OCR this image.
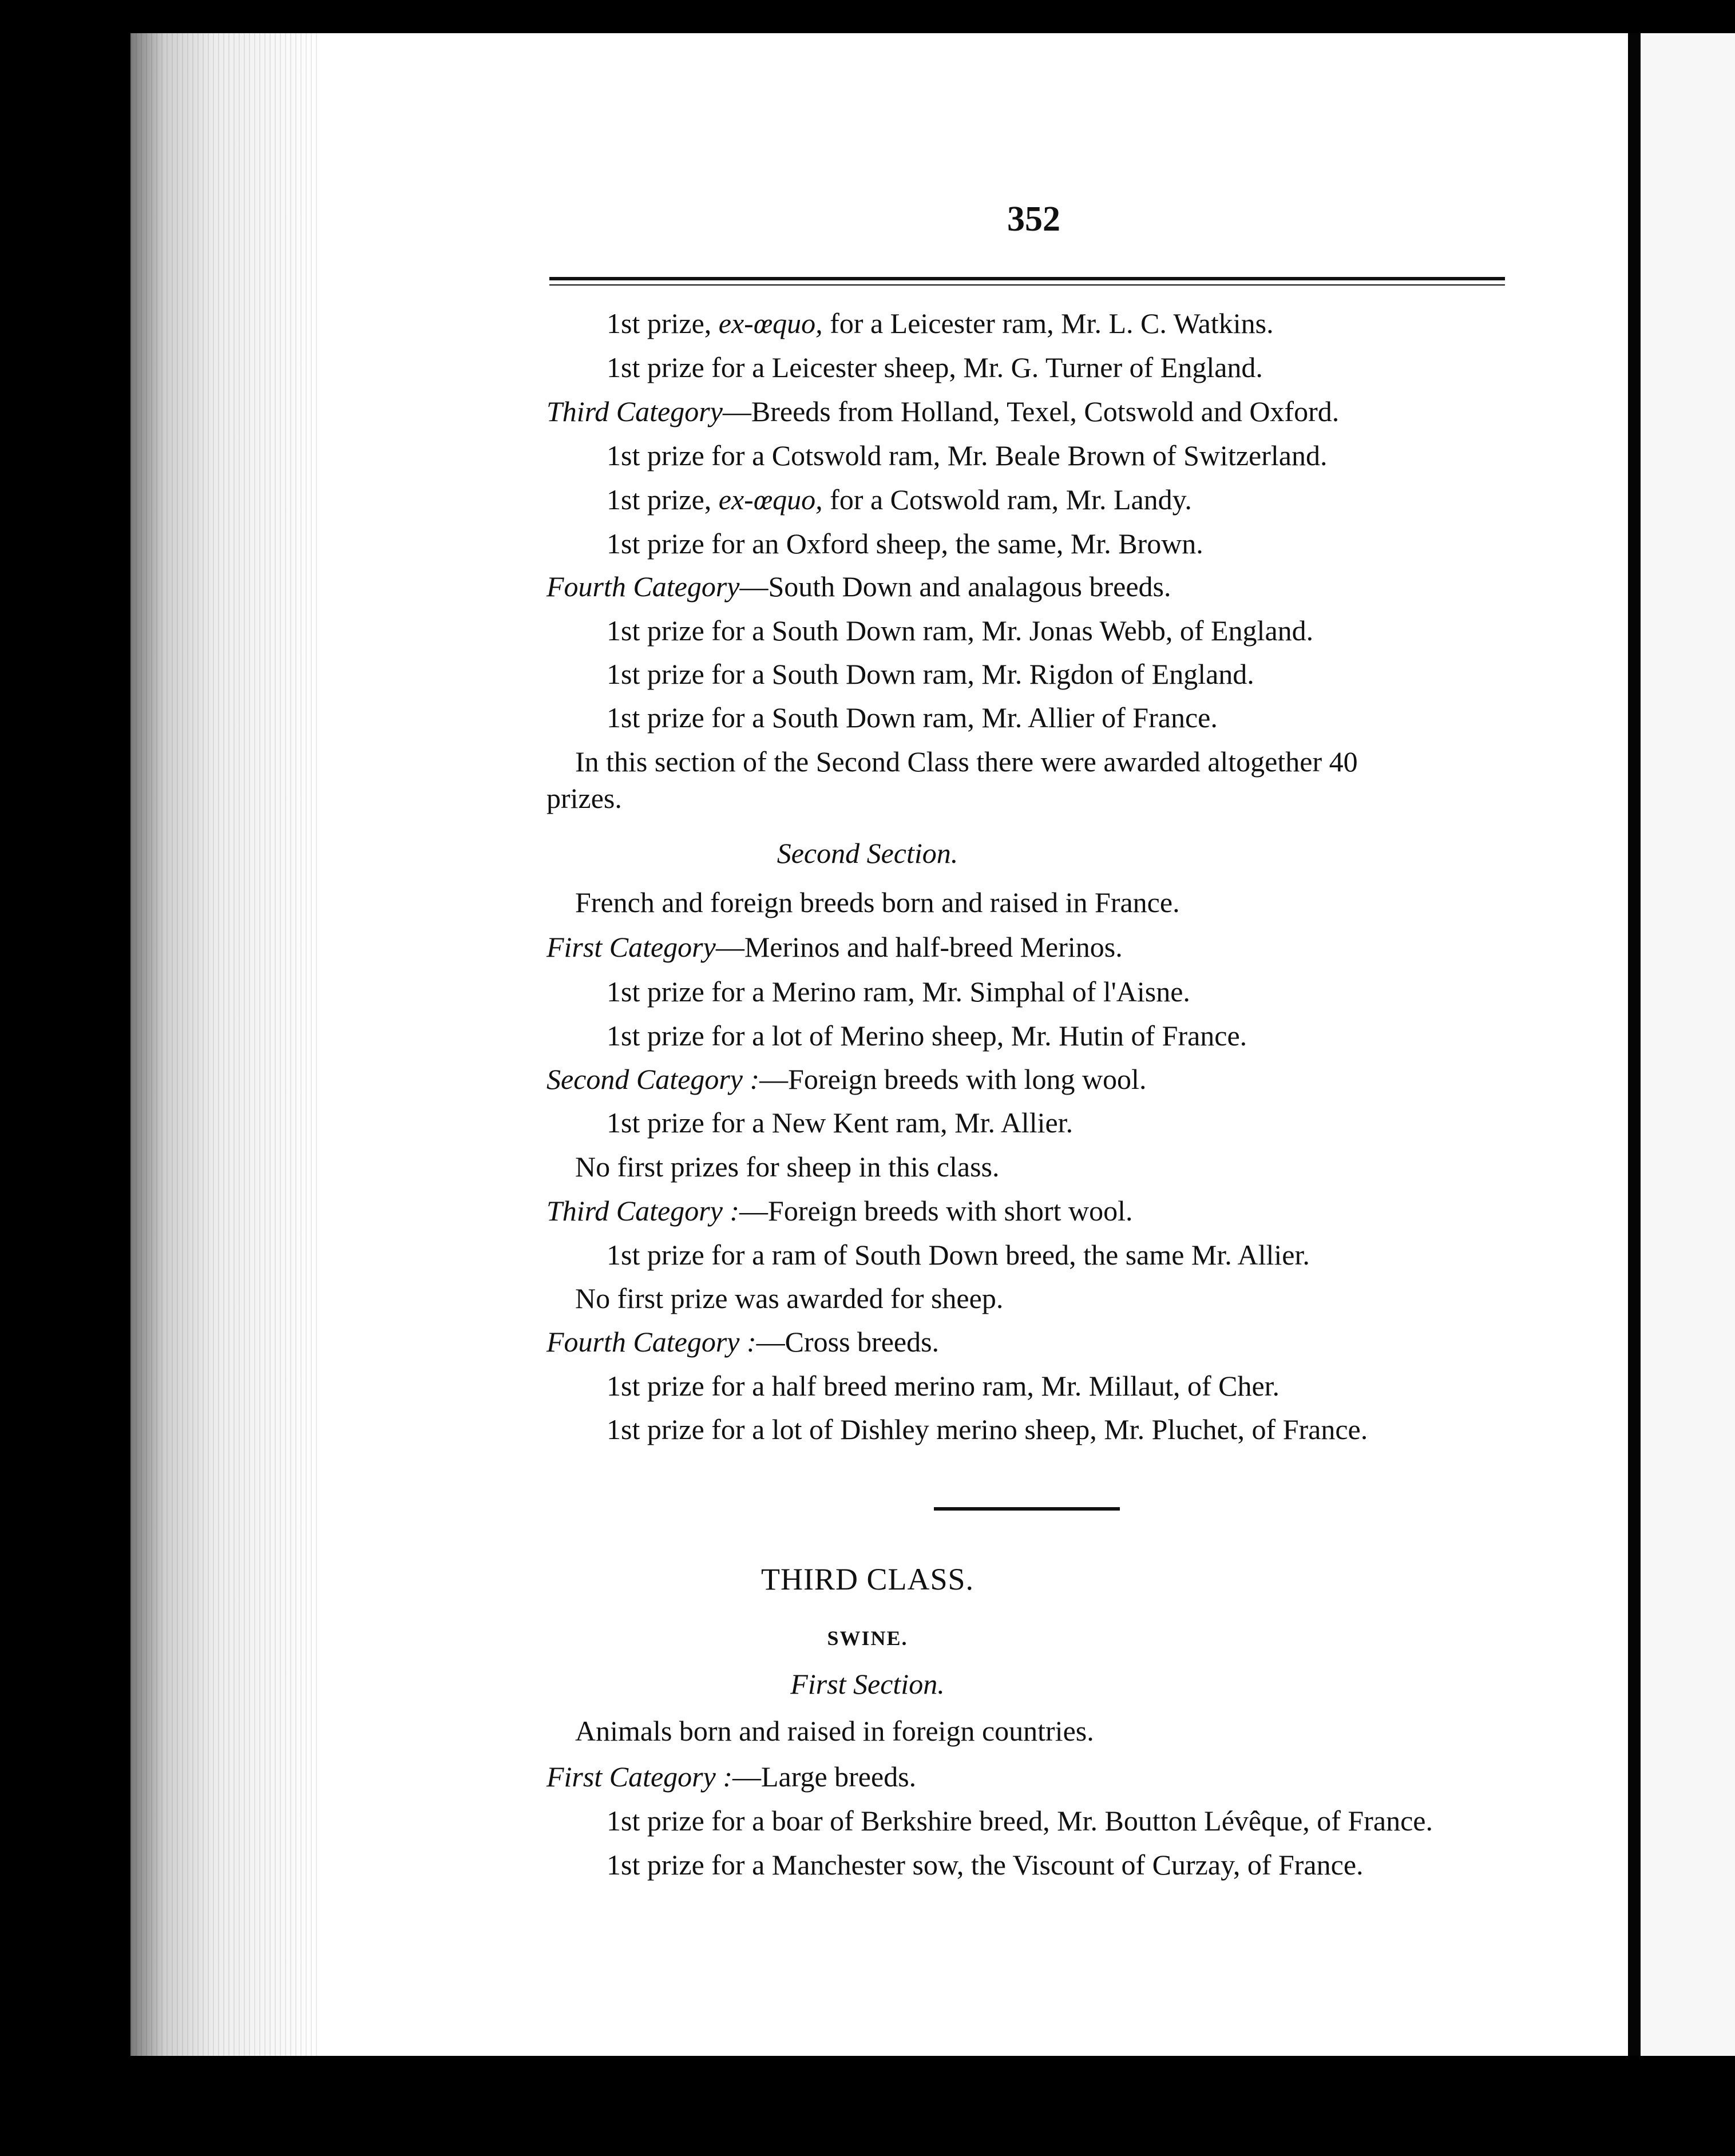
352
1st prize, ex-œquo, for a Leicester ram, Mr. L. C. Watkins.
1st prize for a Leicester sheep, Mr. G. Turner of England.
Third Category—Breeds from Holland, Texel, Cotswold and Oxford.
1st prize for a Cotswold ram, Mr. Beale Brown of Switzerland.
1st prize, ex-œquo, for a Cotswold ram, Mr. Landy.
1st prize for an Oxford sheep, the same, Mr. Brown.
Fourth Category—South Down and analagous breeds.
1st prize for a South Down ram, Mr. Jonas Webb, of England.
1st prize for a South Down ram, Mr. Rigdon of England.
1st prize for a South Down ram, Mr. Allier of France.
In this section of the Second Class there were awarded altogether 40
prizes.
Second Section.
French and foreign breeds born and raised in France.
First Category—Merinos and half-breed Merinos.
1st prize for a Merino ram, Mr. Simphal of l'Aisne.
1st prize for a lot of Merino sheep, Mr. Hutin of France.
Second Category :—Foreign breeds with long wool.
1st prize for a New Kent ram, Mr. Allier.
No first prizes for sheep in this class.
Third Category :—Foreign breeds with short wool.
1st prize for a ram of South Down breed, the same Mr. Allier.
No first prize was awarded for sheep.
Fourth Category :—Cross breeds.
1st prize for a half breed merino ram, Mr. Millaut, of Cher.
1st prize for a lot of Dishley merino sheep, Mr. Pluchet, of France.
THIRD CLASS.
SWINE.
First Section.
Animals born and raised in foreign countries.
First Category :—Large breeds.
1st prize for a boar of Berkshire breed, Mr. Boutton Lévêque, of France.
1st prize for a Manchester sow, the Viscount of Curzay, of France.
